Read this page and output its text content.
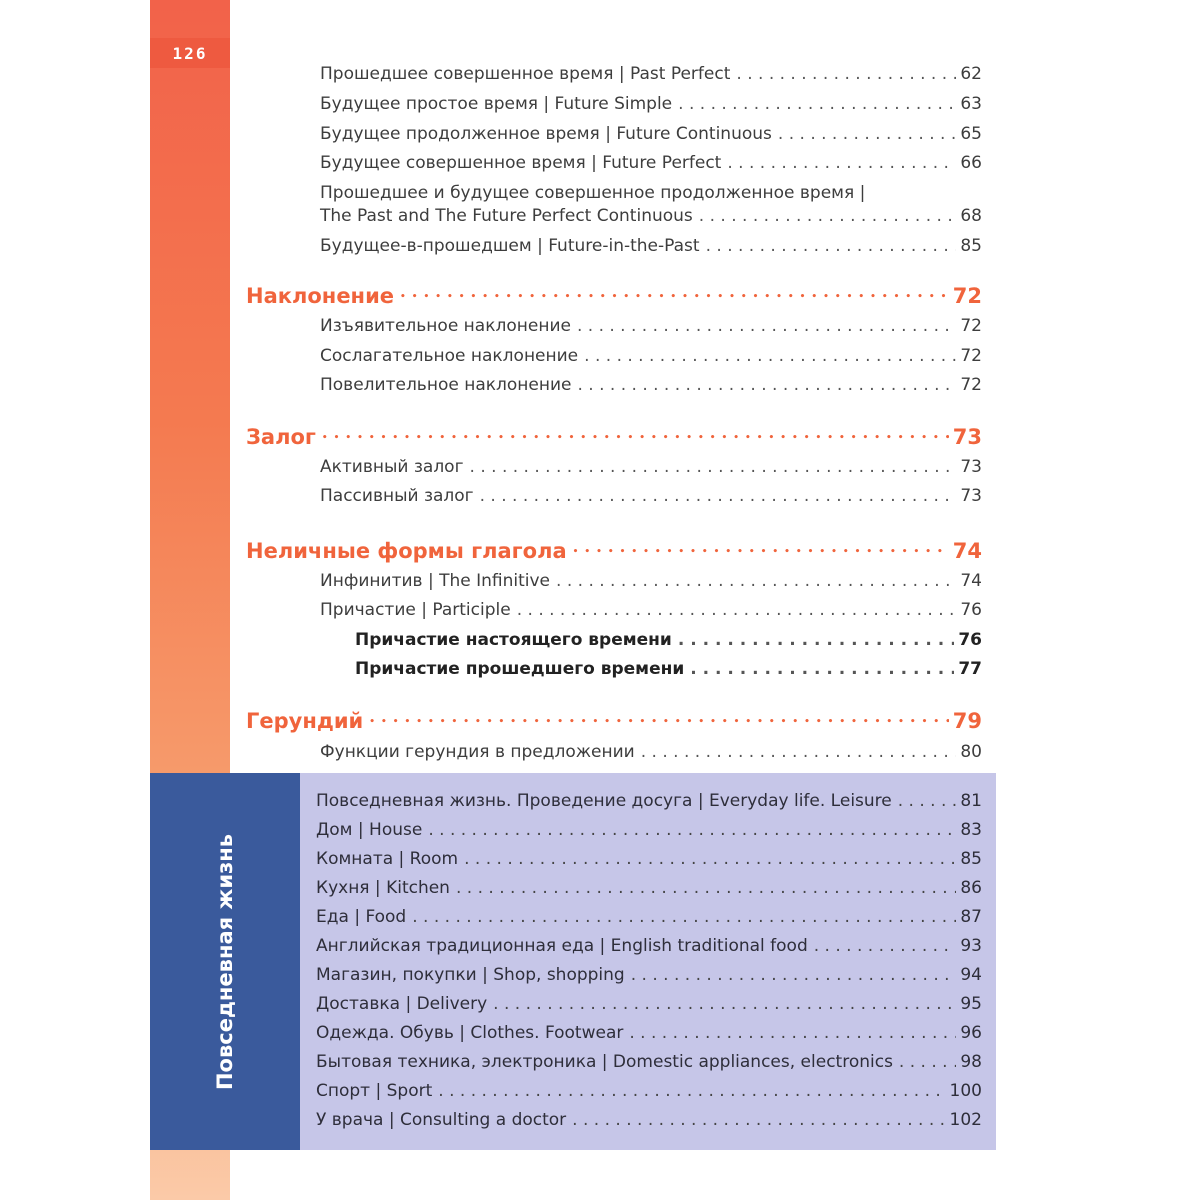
126
Прошедшее совершенное время | Past Perfect . . .	62
Будущее простое время | Future Simple . . .	63
Будущее продолженное время | Future Continuous . . .	65
Будущее совершенное время | Future Perfect . . .	66
Прошедшее и будущее совершенное продолженное время |
The Past and The Future Perfect Continuous . . .	68
Будущее-в-прошедшем | Future-in-the-Past . . .	85
Наклонение •••••	72
Изъявительное наклонение . . .	72
Сослагательное наклонение . . .	72
Повелительное наклонение . . .	72
Залог •••••	73
Активный залог . . .	73
Пассивный залог . . .	73
Неличные формы глагола •••••	74
Инфинитив | The Infinitive . . .	74
Причастие | Participle . . .	76
Причастие настоящего времени . . .	76
Причастие прошедшего времени . . .	77
Герундий •••••	79
Функции герундия в предложении . . .	80
Повседневная жизнь
Повседневная жизнь. Проведение досуга | Everyday life. Leisure . . .	81
Дом | House . . .	83
Комната | Room . . .	85
Кухня | Kitchen . . .	86
Еда | Food . . .	87
Английская традиционная еда | English traditional food . . .	93
Магазин, покупки | Shop, shopping . . .	94
Доставка | Delivery . . .	95
Одежда. Обувь | Clothes. Footwear . . .	96
Бытовая техника, электроника | Domestic appliances, electronics . . .	98
Спорт | Sport . . .	100
У врача | Consulting a doctor . . .	102
